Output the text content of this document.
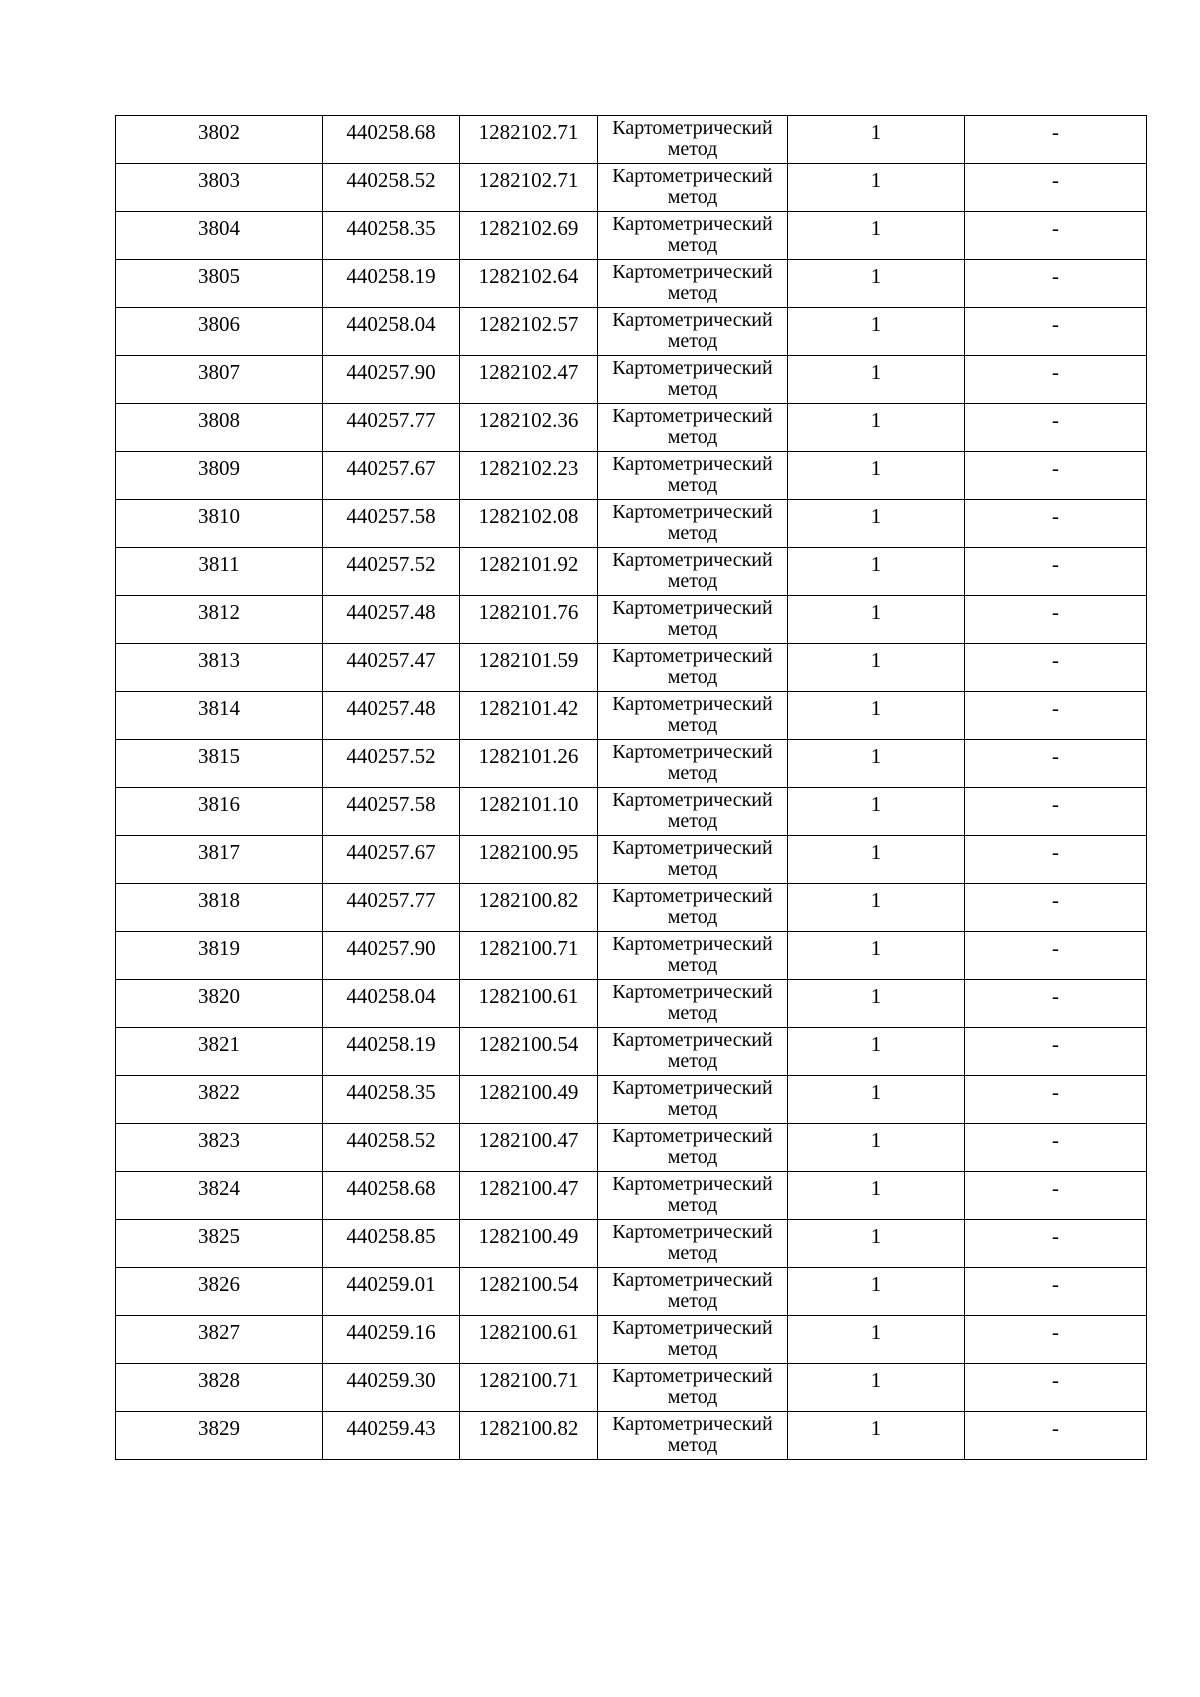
3802	440258.68	1282102.71	Картометрический метод	1	-
3803	440258.52	1282102.71	Картометрический метод	1	-
3804	440258.35	1282102.69	Картометрический метод	1	-
3805	440258.19	1282102.64	Картометрический метод	1	-
3806	440258.04	1282102.57	Картометрический метод	1	-
3807	440257.90	1282102.47	Картометрический метод	1	-
3808	440257.77	1282102.36	Картометрический метод	1	-
3809	440257.67	1282102.23	Картометрический метод	1	-
3810	440257.58	1282102.08	Картометрический метод	1	-
3811	440257.52	1282101.92	Картометрический метод	1	-
3812	440257.48	1282101.76	Картометрический метод	1	-
3813	440257.47	1282101.59	Картометрический метод	1	-
3814	440257.48	1282101.42	Картометрический метод	1	-
3815	440257.52	1282101.26	Картометрический метод	1	-
3816	440257.58	1282101.10	Картометрический метод	1	-
3817	440257.67	1282100.95	Картометрический метод	1	-
3818	440257.77	1282100.82	Картометрический метод	1	-
3819	440257.90	1282100.71	Картометрический метод	1	-
3820	440258.04	1282100.61	Картометрический метод	1	-
3821	440258.19	1282100.54	Картометрический метод	1	-
3822	440258.35	1282100.49	Картометрический метод	1	-
3823	440258.52	1282100.47	Картометрический метод	1	-
3824	440258.68	1282100.47	Картометрический метод	1	-
3825	440258.85	1282100.49	Картометрический метод	1	-
3826	440259.01	1282100.54	Картометрический метод	1	-
3827	440259.16	1282100.61	Картометрический метод	1	-
3828	440259.30	1282100.71	Картометрический метод	1	-
3829	440259.43	1282100.82	Картометрический метод	1	-
